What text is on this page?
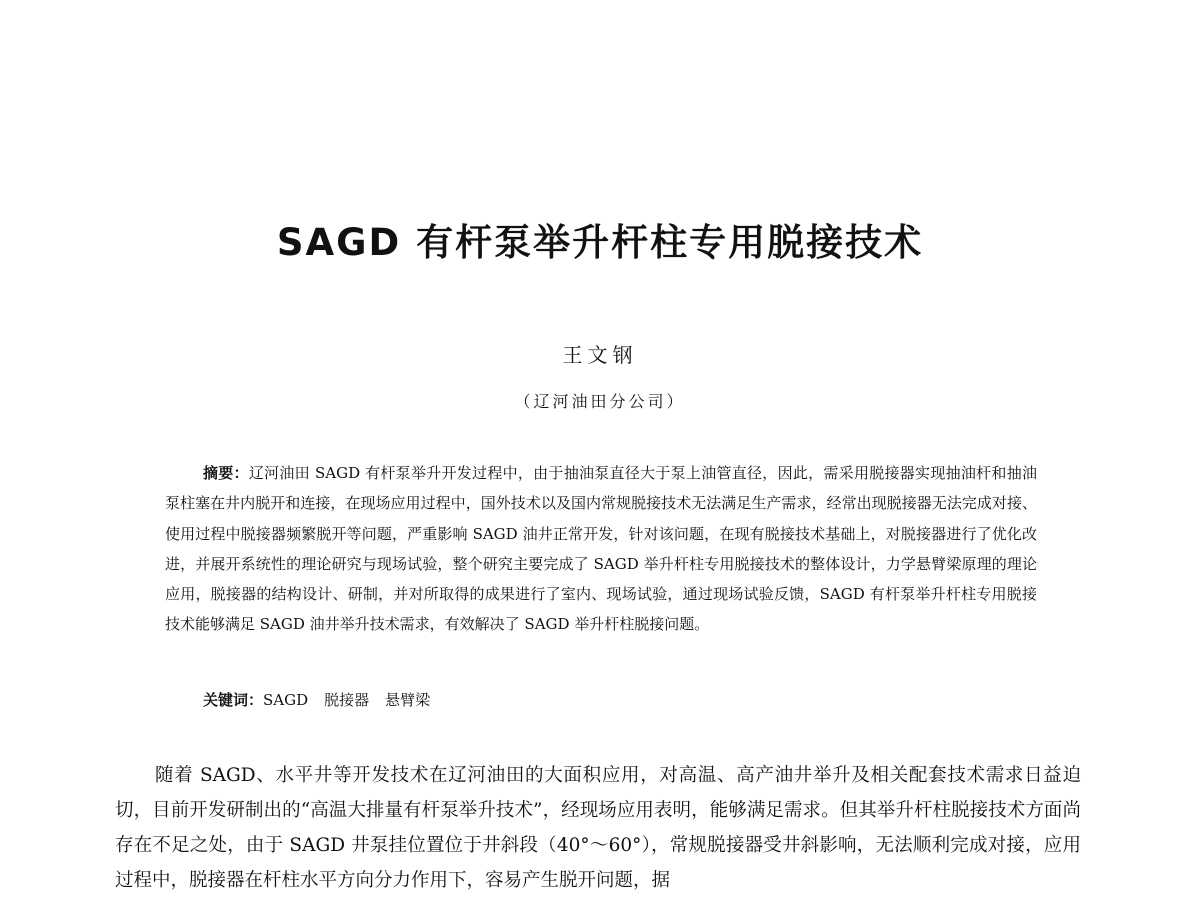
SAGD 有杆泵举升杆柱专用脱接技术
王文钢
（辽河油田分公司）
摘要：辽河油田 SAGD 有杆泵举升开发过程中，由于抽油泵直径大于泵上油管直径，因此，需采用脱接器实现抽油杆和抽油泵柱塞在井内脱开和连接，在现场应用过程中，国外技术以及国内常规脱接技术无法满足生产需求，经常出现脱接器无法完成对接、使用过程中脱接器频繁脱开等问题，严重影响 SAGD 油井正常开发，针对该问题，在现有脱接技术基础上，对脱接器进行了优化改进，并展开系统性的理论研究与现场试验，整个研究主要完成了 SAGD 举升杆柱专用脱接技术的整体设计，力学悬臂梁原理的理论应用，脱接器的结构设计、研制，并对所取得的成果进行了室内、现场试验，通过现场试验反馈，SAGD 有杆泵举升杆柱专用脱接技术能够满足 SAGD 油井举升技术需求，有效解决了 SAGD 举升杆柱脱接问题。
关键词：SAGD 脱接器 悬臂梁
随着 SAGD、水平井等开发技术在辽河油田的大面积应用，对高温、高产油井举升及相关配套技术需求日益迫切，目前开发研制出的“高温大排量有杆泵举升技术”，经现场应用表明，能够满足需求。但其举升杆柱脱接技术方面尚存在不足之处，由于 SAGD 井泵挂位置位于井斜段（40°～60°），常规脱接器受井斜影响，无法顺利完成对接，应用过程中，脱接器在杆柱水平方向分力作用下，容易产生脱开问题，据
